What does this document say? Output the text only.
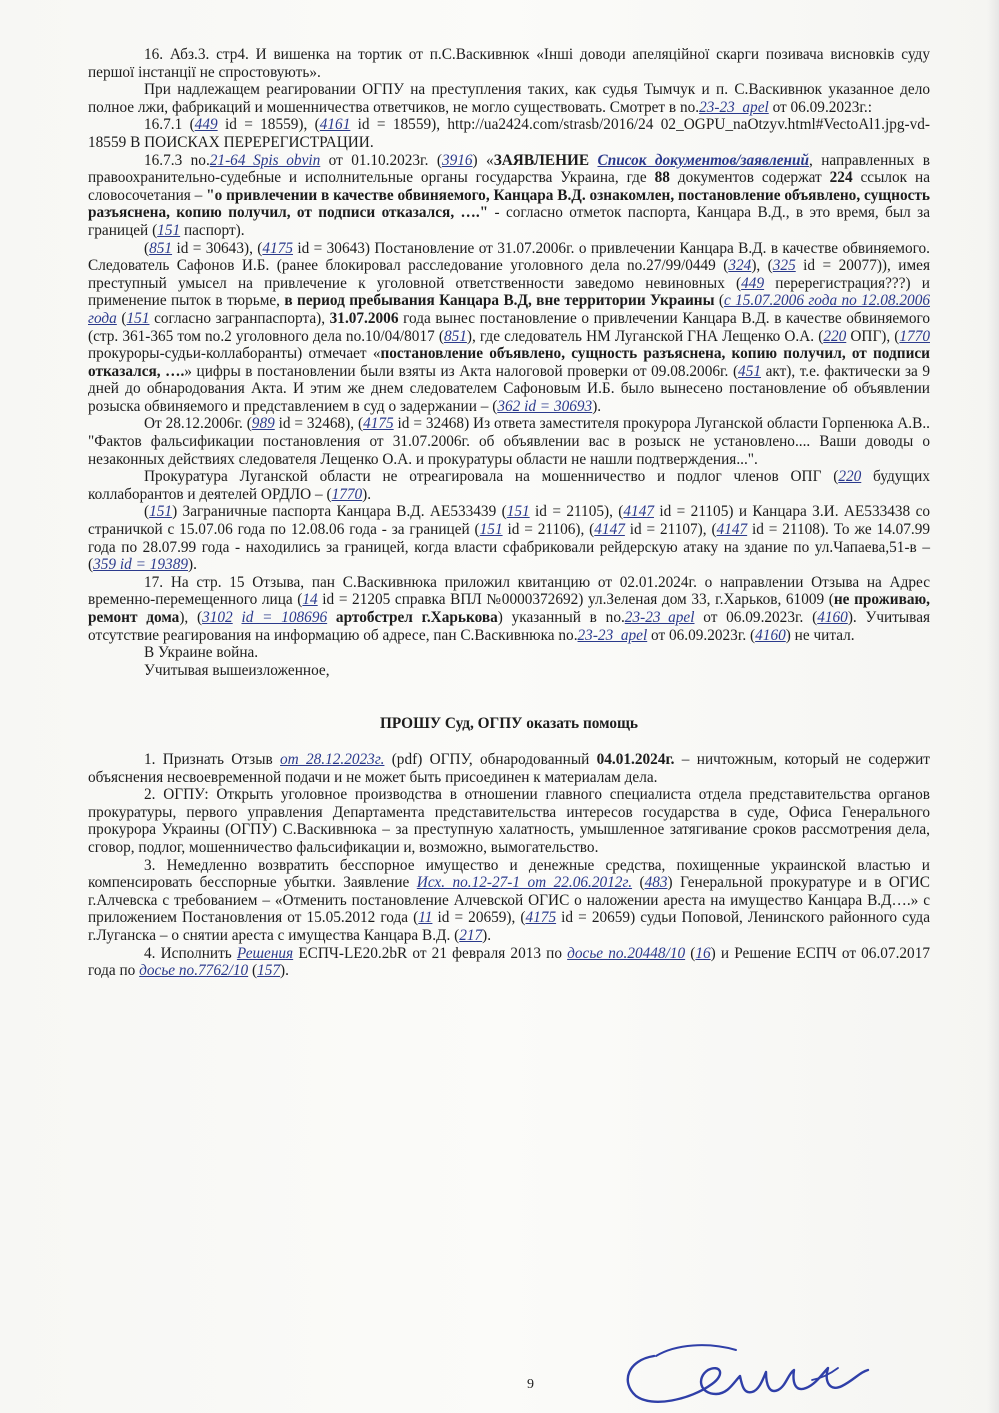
16. Абз.3. стр4. И вишенка на тортик от п.С.Васкивнюк «Інші доводи апеляційної скарги позивача висновків суду першої інстанції не спростовують».

При надлежащем реагировании ОГПУ на преступления таких, как судья Тымчук и п. С.Васкивнюк указанное дело полное лжи, фабрикаций и мошенничества ответчиков, не могло существовать. Смотрет в no.23-23_apel от 06.09.2023г.:

16.7.1 (449 id = 18559), (4161 id = 18559), http://ua2424.com/strasb/2016/24 02_OGPU_naOtzyv.html#VectoAl1.jpg-vd-18559 В ПОИСКАХ ПЕРЕРЕГИСТРАЦИИ.

16.7.3 no.21-64_Spis_obvin от 01.10.2023г. (3916) «ЗАЯВЛЕНИЕ Список документов/заявлений, направленных в правоохранительно-судебные и исполнительные органы государства Украина, где 88 документов содержат 224 ссылок на словосочетания – "о привлечении в качестве обвиняемого, Канцара В.Д. ознакомлен, постановление объявлено, сущность разъяснена, копию получил, от подписи отказался, …." - согласно отметок паспорта, Канцара В.Д., в это время, был за границей (151 паспорт).

(851 id = 30643), (4175 id = 30643) Постановление от 31.07.2006г. о привлечении Канцара В.Д. в качестве обвиняемого. Следователь Сафонов И.Б. (ранее блокировал расследование уголовного дела no.27/99/0449 (324), (325 id = 20077)), имея преступный умысел на привлечение к уголовной ответственности заведомо невиновных (449 перерегистрация???) и применение пыток в тюрьме, в период пребывания Канцара В.Д, вне территории Украины (с 15.07.2006 года по 12.08.2006 года (151 согласно загранпаспорта), 31.07.2006 года вынес постановление о привлечении Канцара В.Д. в качестве обвиняемого (стр. 361-365 том no.2 уголовного дела no.10/04/8017 (851), где следователь НМ Луганской ГНА Лещенко О.А. (220 ОПГ), (1770 прокуроры-судьи-коллаборанты) отмечает «постановление объявлено, сущность разъяснена, копию получил, от подписи отказался, ….» цифры в постановлении были взяты из Акта налоговой проверки от 09.08.2006г. (451 акт), т.е. фактически за 9 дней до обнародования Акта. И этим же днем следователем Сафоновым И.Б. было вынесено постановление об объявлении розыска обвиняемого и представлением в суд о задержании – (362 id = 30693).

От 28.12.2006г. (989 id = 32468), (4175 id = 32468) Из ответа заместителя прокурора Луганской области Горпенюка А.В.. "Фактов фальсификации постановления от 31.07.2006г. об объявлении вас в розыск не установлено.... Ваши доводы о незаконных действиях следователя Лещенко О.А. и прокуратуры области не нашли подтверждения...".

Прокуратура Луганской области не отреагировала на мошенничество и подлог членов ОПГ (220 будущих коллаборантов и деятелей ОРДЛО – (1770).

(151) Заграничные паспорта Канцара В.Д. АЕ533439 (151 id = 21105), (4147 id = 21105) и Канцара З.И. АЕ533438 со страничкой с 15.07.06 года по 12.08.06 года - за границей (151 id = 21106), (4147 id = 21107), (4147 id = 21108). То же 14.07.99 года по 28.07.99 года - находились за границей, когда власти сфабриковали рейдерскую атаку на здание по ул.Чапаева,51-в – (359 id = 19389).

17. На стр. 15 Отзыва, пан С.Васкивнюка приложил квитанцию от 02.01.2024г. о направлении Отзыва на Адрес временно-перемещенного лица (14 id = 21205 справка ВПЛ №0000372692) ул.Зеленая дом 33, г.Харьков, 61009 (не проживаю, ремонт дома), (3102 id = 108696 артобстрел г.Харькова) указанный в no.23-23_apel от 06.09.2023г. (4160). Учитывая отсутствие реагирования на информацию об адресе, пан С.Васкивнюка no.23-23_apel от 06.09.2023г. (4160) не читал.

В Украине война.

Учитывая вышеизложенное,

ПРОШУ Суд, ОГПУ оказать помощь

1. Признать Отзыв от 28.12.2023г. (pdf) ОГПУ, обнародованный 04.01.2024г. – ничтожным, который не содержит объяснения несвоевременной подачи и не может быть присоединен к материалам дела.

2. ОГПУ: Открыть уголовное производства в отношении главного специалиста отдела представительства органов прокуратуры, первого управления Департамента представительства интересов государства в суде, Офиса Генерального прокурора Украины (ОГПУ) С.Васкивнюка – за преступную халатность, умышленное затягивание сроков рассмотрения дела, сговор, подлог, мошенничество фальсификации и, возможно, вымогательство.

3. Немедленно возвратить бесспорное имущество и денежные средства, похищенные украинской властью и компенсировать бесспорные убытки. Заявление Исх. no.12-27-1 от 22.06.2012г. (483) Генеральной прокуратуре и в ОГИС г.Алчевска с требованием – «Отменить постановление Алчевской ОГИС о наложении ареста на имущество Канцара В.Д….» с приложением Постановления от 15.05.2012 года (11 id = 20659), (4175 id = 20659) судьи Поповой, Ленинского районного суда г.Луганска – о снятии ареста с имущества Канцара В.Д. (217).

4. Исполнить Решения ЕСПЧ-LE20.2bR от 21 февраля 2013 по досье no.20448/10 (16) и Решение ЕСПЧ от 06.07.2017 года по досье no.7762/10 (157).

9
